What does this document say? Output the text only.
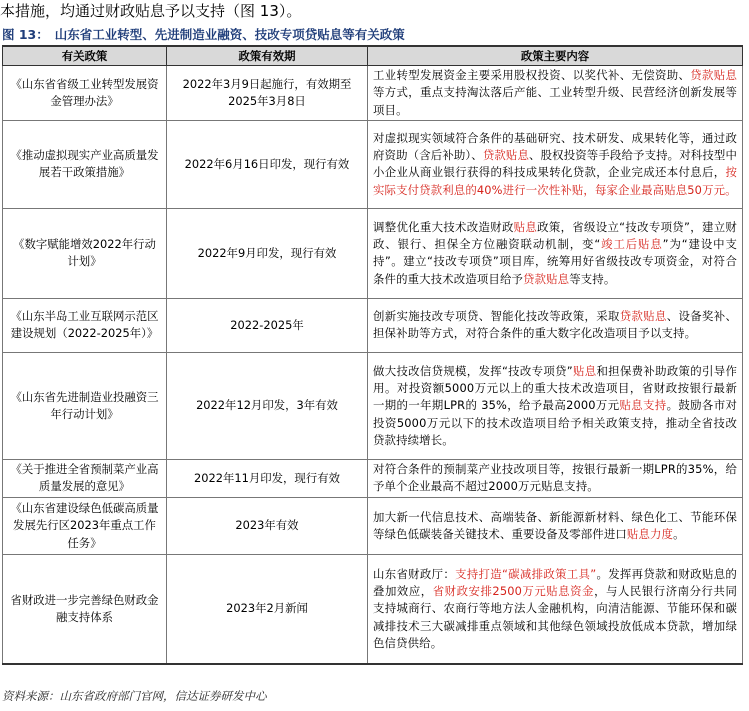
本措施，均通过财政贴息予以支持（图 13）。
图 13： 山东省工业转型、先进制造业融资、技改专项贷贴息等有关政策
有关政策	政策有效期	政策主要内容
《山东省省级工业转型发展资金管理办法》	2022年3月9日起施行，有效期至2025年3月8日	工业转型发展资金主要采用股权投资、以奖代补、无偿资助、贷款贴息等方式，重点支持淘汰落后产能、工业转型升级、民营经济创新发展等项目。
《推动虚拟现实产业高质量发展若干政策措施》	2022年6月16日印发，现行有效	对虚拟现实领域符合条件的基础研究、技术研发、成果转化等，通过政府资助（含后补助）、贷款贴息、股权投资等手段给予支持。对科技型中小企业从商业银行获得的科技成果转化贷款，企业完成还本付息后，按实际支付贷款利息的40%进行一次性补贴，每家企业最高贴息50万元。
《数字赋能增效2022年行动计划》	2022年9月印发，现行有效	调整优化重大技术改造财政贴息政策，省级设立“技改专项贷”，建立财政、银行、担保全方位融资联动机制，变“竣工后贴息”为“建设中支持”。建立“技改专项贷”项目库，统筹用好省级技改专项资金，对符合条件的重大技术改造项目给予贷款贴息等支持。
《山东半岛工业互联网示范区建设规划（2022-2025年）》	2022-2025年	创新实施技改专项贷、智能化技改等政策，采取贷款贴息、设备奖补、担保补助等方式，对符合条件的重大数字化改造项目予以支持。
《山东省先进制造业投融资三年行动计划》	2022年12月印发，3年有效	做大技改信贷规模，发挥“技改专项贷”贴息和担保费补助政策的引导作用。对投资额5000万元以上的重大技术改造项目，省财政按银行最新一期的一年期LPR的 35%，给予最高2000万元贴息支持。鼓励各市对投资5000万元以下的技术改造项目给予相关政策支持，推动全省技改贷款持续增长。
《关于推进全省预制菜产业高质量发展的意见》	2022年11月印发，现行有效	对符合条件的预制菜产业技改项目等，按银行最新一期LPR的35%，给予单个企业最高不超过2000万元贴息支持。
《山东省建设绿色低碳高质量发展先行区2023年重点工作任务》	2023年有效	加大新一代信息技术、高端装备、新能源新材料、绿色化工、节能环保等绿色低碳装备关键技术、重要设备及零部件进口贴息力度。
省财政进一步完善绿色财政金融支持体系	2023年2月新闻	山东省财政厅：支持打造“碳减排政策工具”。发挥再贷款和财政贴息的叠加效应，省财政安排2500万元贴息资金，与人民银行济南分行共同支持城商行、农商行等地方法人金融机构，向清洁能源、节能环保和碳减排技术三大碳减排重点领域和其他绿色领域投放低成本贷款，增加绿色信贷供给。
资料来源：山东省政府部门官网，信达证券研发中心
